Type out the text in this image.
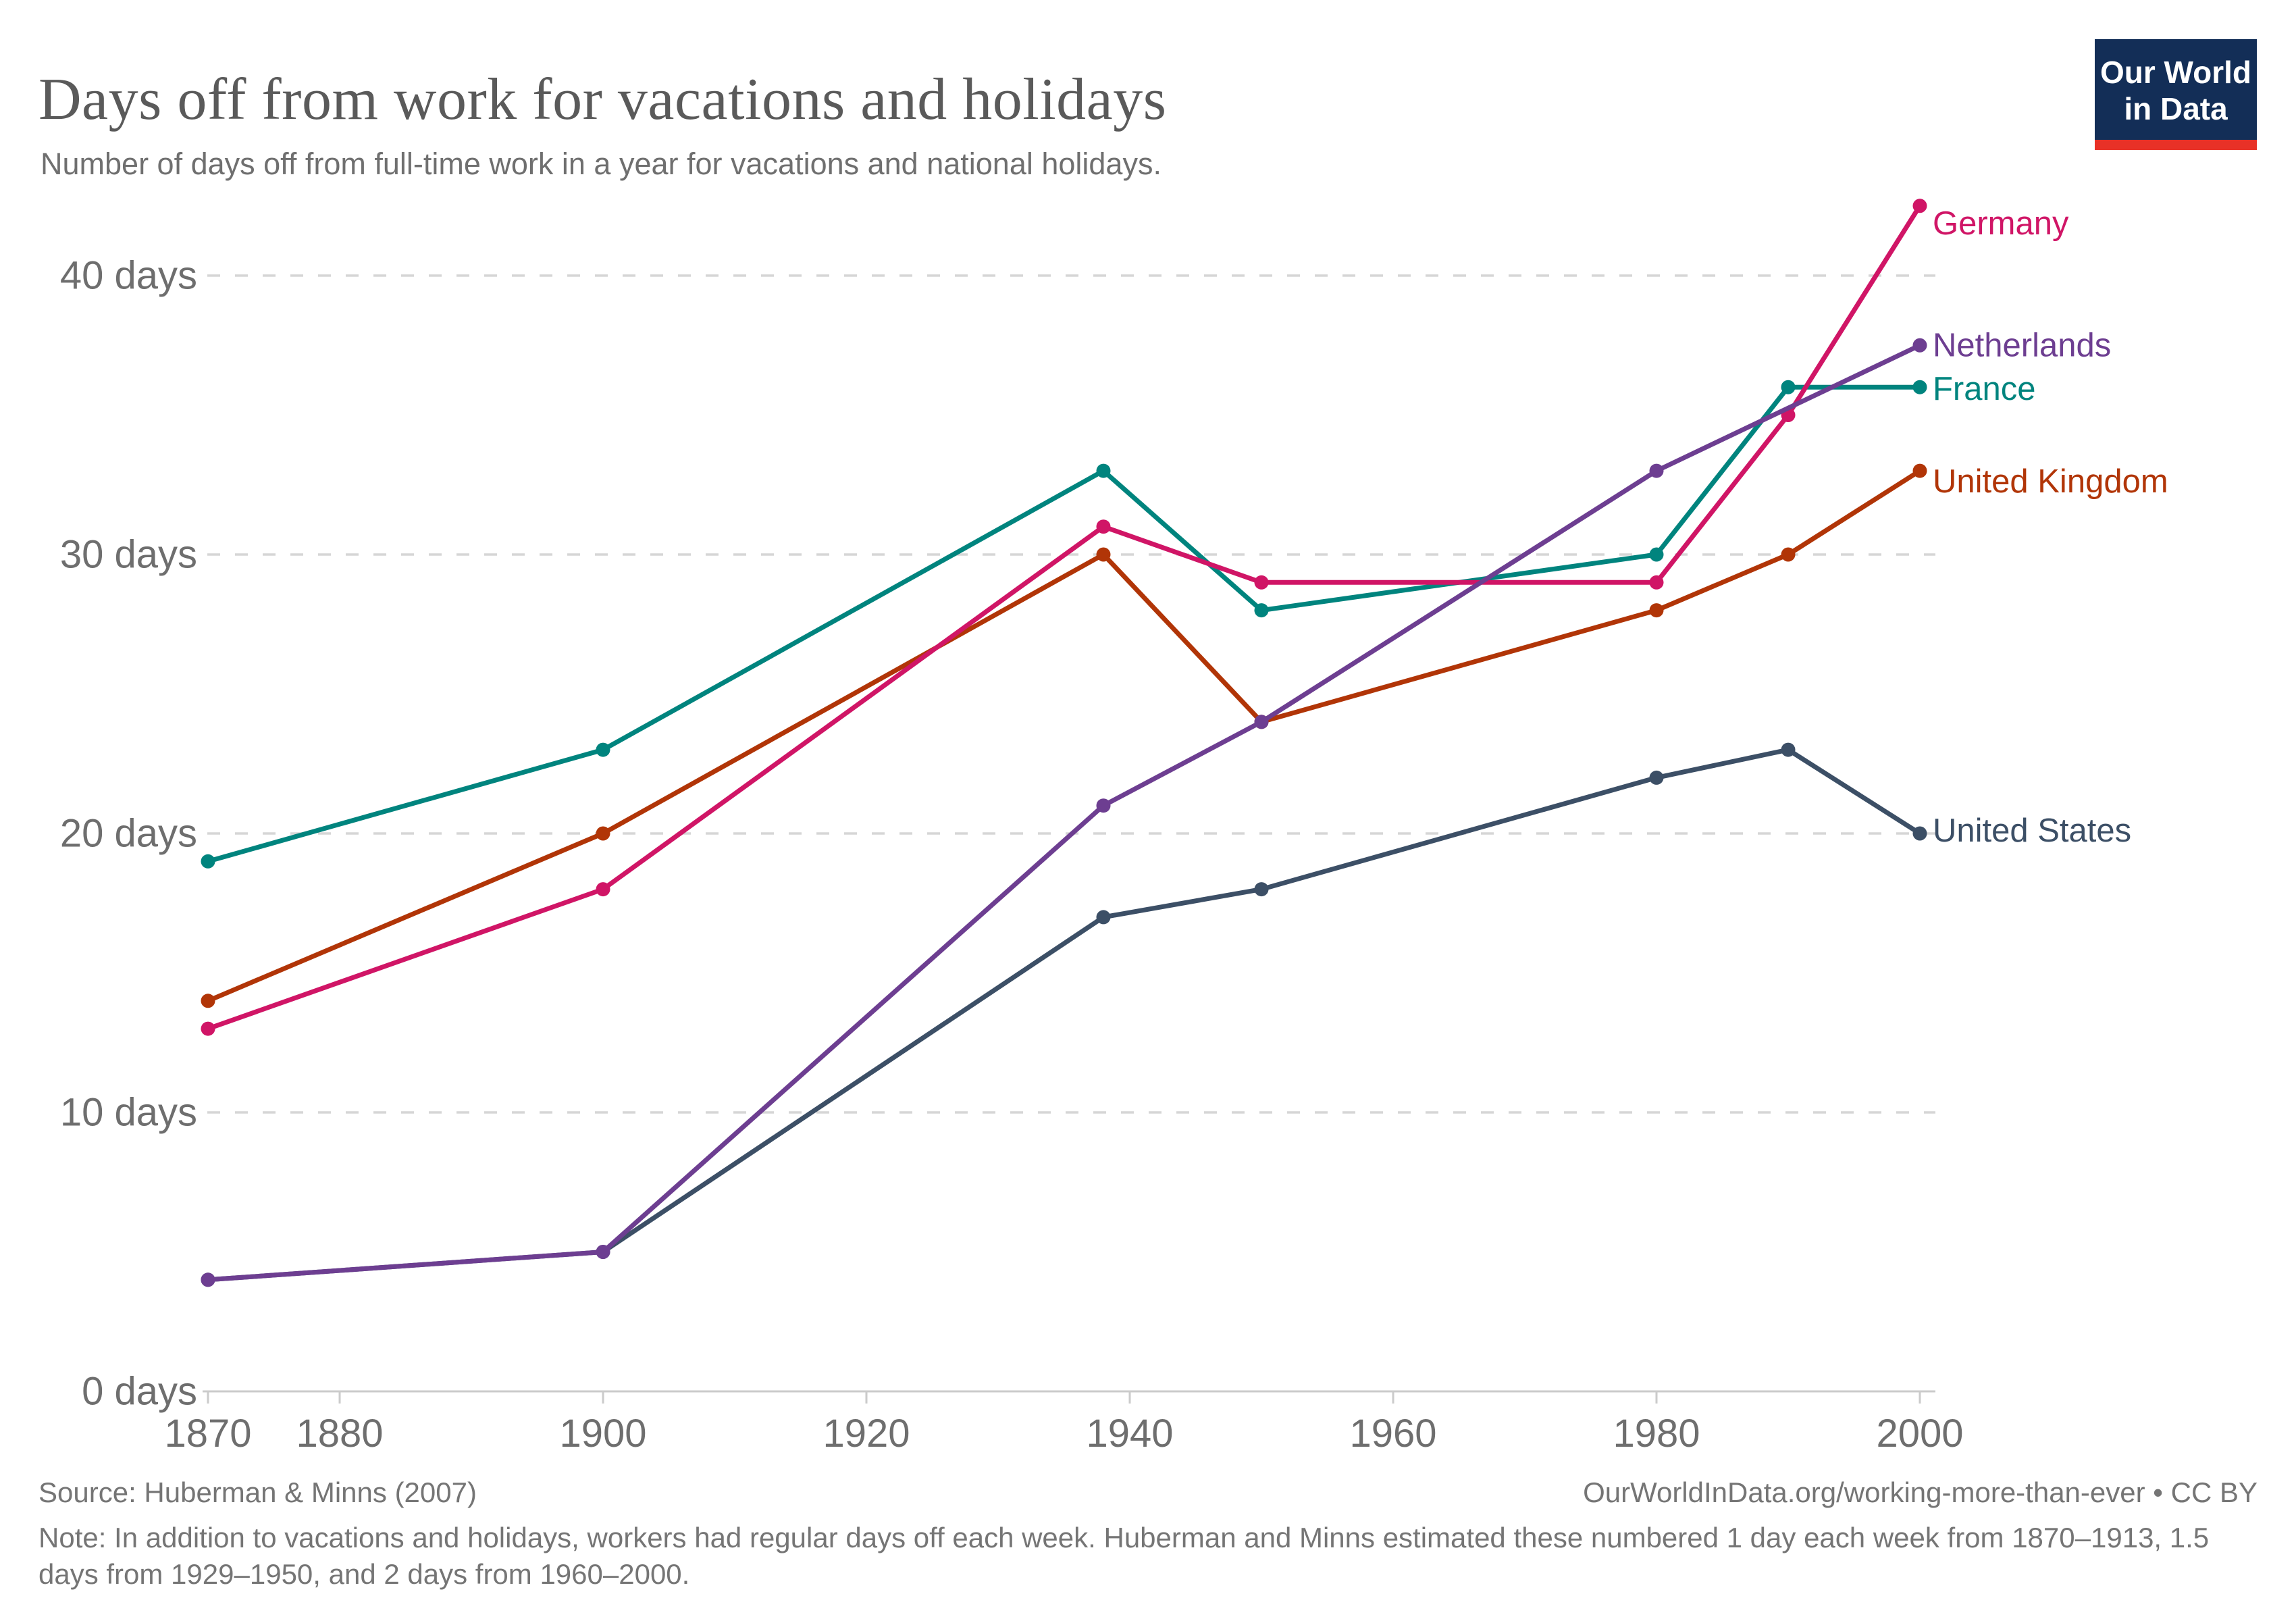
Days off from work for vacations and holidays

Number of days off from full-time work in a year for vacations and national holidays.

Our World
in Data
0 days
10 days
20 days
30 days
40 days
1870 1880	1900	1920	1940	1960	1980	2000
United States
United Kingdom
France
Germany
Netherlands
Source: Huberman & Minns (2007)	OurWorldInData.org/working-more-than-ever • CC BY
Note: In addition to vacations and holidays, workers had regular days off each week. Huberman and Minns estimated these numbered 1 day each week from 1870–1913, 1.5 days from 1929–1950, and 2 days from 1960–2000.
